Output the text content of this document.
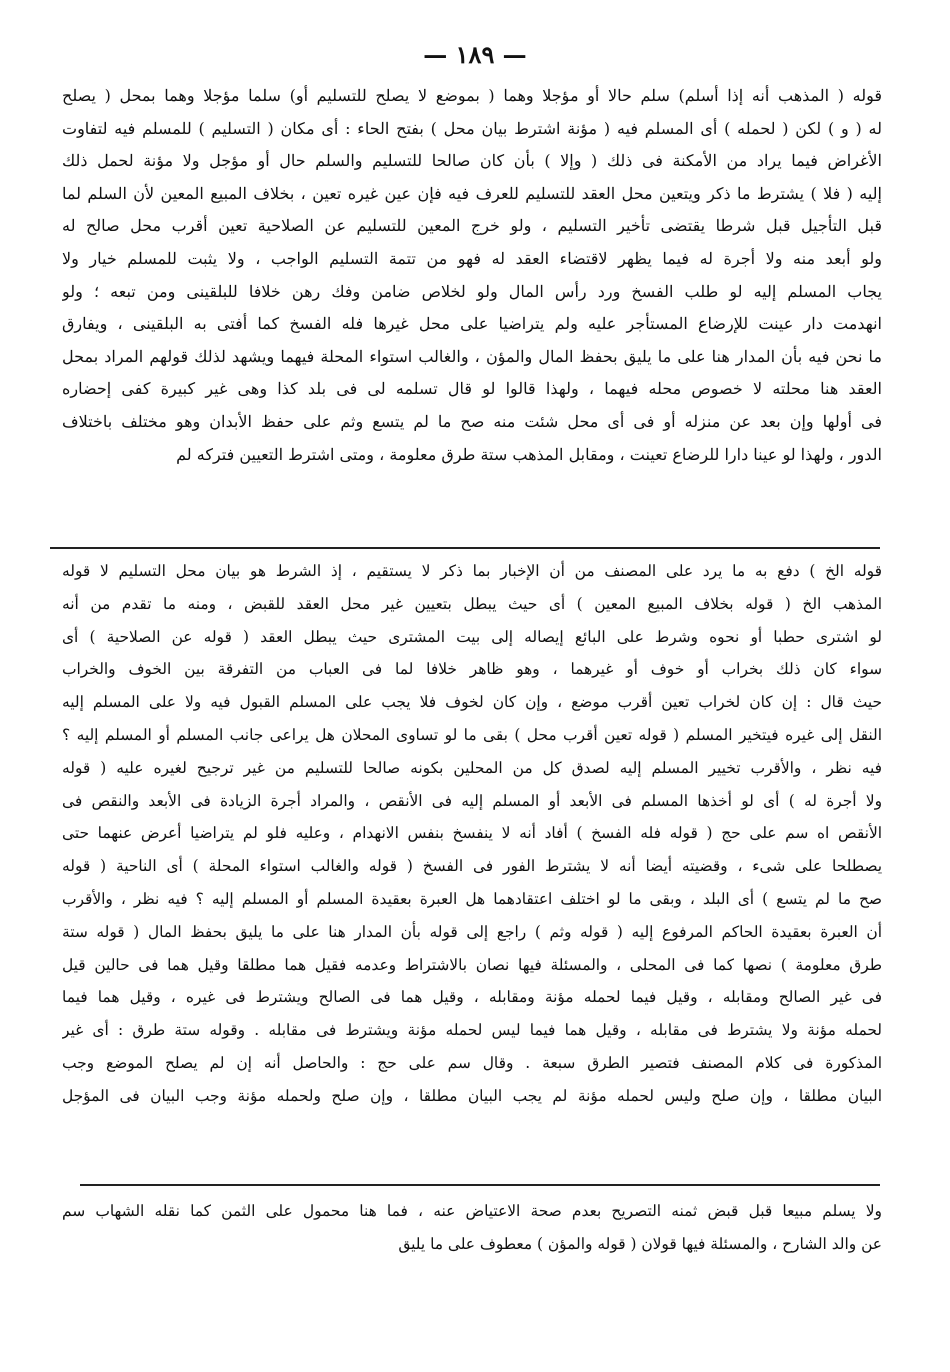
— ١٨٩ —
قوله ( المذهب أنه إذا أسلم) سلم حالا أو مؤجلا وهما ( بموضع لا يصلح للتسليم أو) سلما مؤجلا وهما بمحل ( يصلح
له ( و ) لكن ( لحمله ) أى المسلم فيه ( مؤنة اشترط بيان محل ) بفتح الحاء : أى مكان ( التسليم ) للمسلم فيه لتفاوت
الأغراض فيما يراد من الأمكنة فى ذلك ( وإلا ) بأن كان صالحا للتسليم والسلم حال أو مؤجل ولا مؤنة لحمل ذلك
إليه ( فلا ) يشترط ما ذكر ويتعين محل العقد للتسليم للعرف فيه فإن عين غيره تعين ، بخلاف المبيع المعين لأن السلم لما
قبل التأجيل قبل شرطا يقتضى تأخير التسليم ، ولو خرج المعين للتسليم عن الصلاحية تعين أقرب محل صالح له
ولو أبعد منه ولا أجرة له فيما يظهر لاقتضاء العقد له فهو من تتمة التسليم الواجب ، ولا يثبت للمسلم خيار ولا
يجاب المسلم إليه لو طلب الفسخ ورد رأس المال ولو لخلاص ضامن وفك رهن خلافا للبلقينى ومن تبعه ؛ ولو
انهدمت دار عينت للإرضاع المستأجر عليه ولم يتراضيا على محل غيرها فله الفسخ كما أفتى به البلقينى ، ويفارق
ما نحن فيه بأن المدار هنا على ما يليق بحفظ المال والمؤن ، والغالب استواء المحلة فيهما ويشهد لذلك قولهم المراد بمحل
العقد هنا محلته لا خصوص محله فيهما ، ولهذا قالوا لو قال تسلمه لى فى بلد كذا وهى غير كبيرة كفى إحضاره
فى أولها وإن بعد عن منزله أو فى أى محل شئت منه صح ما لم يتسع وثم على حفظ الأبدان وهو مختلف باختلاف
الدور ، ولهذا لو عينا دارا للرضاع تعينت ، ومقابل المذهب ستة طرق معلومة ، ومتى اشترط التعيين فتركه لم
قوله الخ ) دفع به ما يرد على المصنف من أن الإخبار بما ذكر لا يستقيم ، إذ الشرط هو بيان محل التسليم لا قوله
المذهب الخ ( قوله بخلاف المبيع المعين ) أى حيث يبطل بتعيين غير محل العقد للقبض ، ومنه ما تقدم من أنه
لو اشترى حطبا أو نحوه وشرط على البائع إيصاله إلى بيت المشترى حيث يبطل العقد ( قوله عن الصلاحية ) أى
سواء كان ذلك بخراب أو خوف أو غيرهما ، وهو ظاهر خلافا لما فى العباب من التفرقة بين الخوف والخراب
حيث قال : إن كان لخراب تعين أقرب موضع ، وإن كان لخوف فلا يجب على المسلم القبول فيه ولا على المسلم إليه
النقل إلى غيره فيتخير المسلم ( قوله تعين أقرب محل ) بقى ما لو تساوى المحلان هل يراعى جانب المسلم أو المسلم إليه ؟
فيه نظر ، والأقرب تخيير المسلم إليه لصدق كل من المحلين بكونه صالحا للتسليم من غير ترجيح لغيره عليه ( قوله
ولا أجرة له ) أى لو أخذها المسلم فى الأبعد أو المسلم إليه فى الأنقص ، والمراد أجرة الزيادة فى الأبعد والنقص فى
الأنقص اه سم على حج ( قوله فله الفسخ ) أفاد أنه لا ينفسخ بنفس الانهدام ، وعليه فلو لم يتراضيا أعرض عنهما حتى
يصطلحا على شىء ، وقضيته أيضا أنه لا يشترط الفور فى الفسخ ( قوله والغالب استواء المحلة ) أى الناحية ( قوله
صح ما لم يتسع ) أى البلد ، وبقى ما لو اختلف اعتقادهما هل العبرة بعقيدة المسلم أو المسلم إليه ؟ فيه نظر ، والأقرب
أن العبرة بعقيدة الحاكم المرفوع إليه ( قوله وثم ) راجع إلى قوله بأن المدار هنا على ما يليق بحفظ المال ( قوله ستة
طرق معلومة ) نصها كما فى المحلى ، والمسئلة فيها نصان بالاشتراط وعدمه فقيل هما مطلقا وقيل هما فى حالين قيل
فى غير الصالح ومقابله ، وقيل فيما لحمله مؤنة ومقابله ، وقيل هما فى الصالح ويشترط فى غيره ، وقيل هما فيما
لحمله مؤنة ولا يشترط فى مقابله ، وقيل هما فيما ليس لحمله مؤنة ويشترط فى مقابله . وقوله ستة طرق : أى غير
المذكورة فى كلام المصنف فتصير الطرق سبعة . وقال سم على حج : والحاصل أنه إن لم يصلح الموضع وجب
البيان مطلقا ، وإن صلح وليس لحمله مؤنة لم يجب البيان مطلقا ، وإن صلح ولحمله مؤنة وجب البيان فى المؤجل
ولا يسلم مبيعا قبل قبض ثمنه التصريح بعدم صحة الاعتياض عنه ، فما هنا محمول على الثمن كما نقله الشهاب سم
عن والد الشارح ، والمسئلة فيها قولان ( قوله والمؤن ) معطوف على ما يليق
